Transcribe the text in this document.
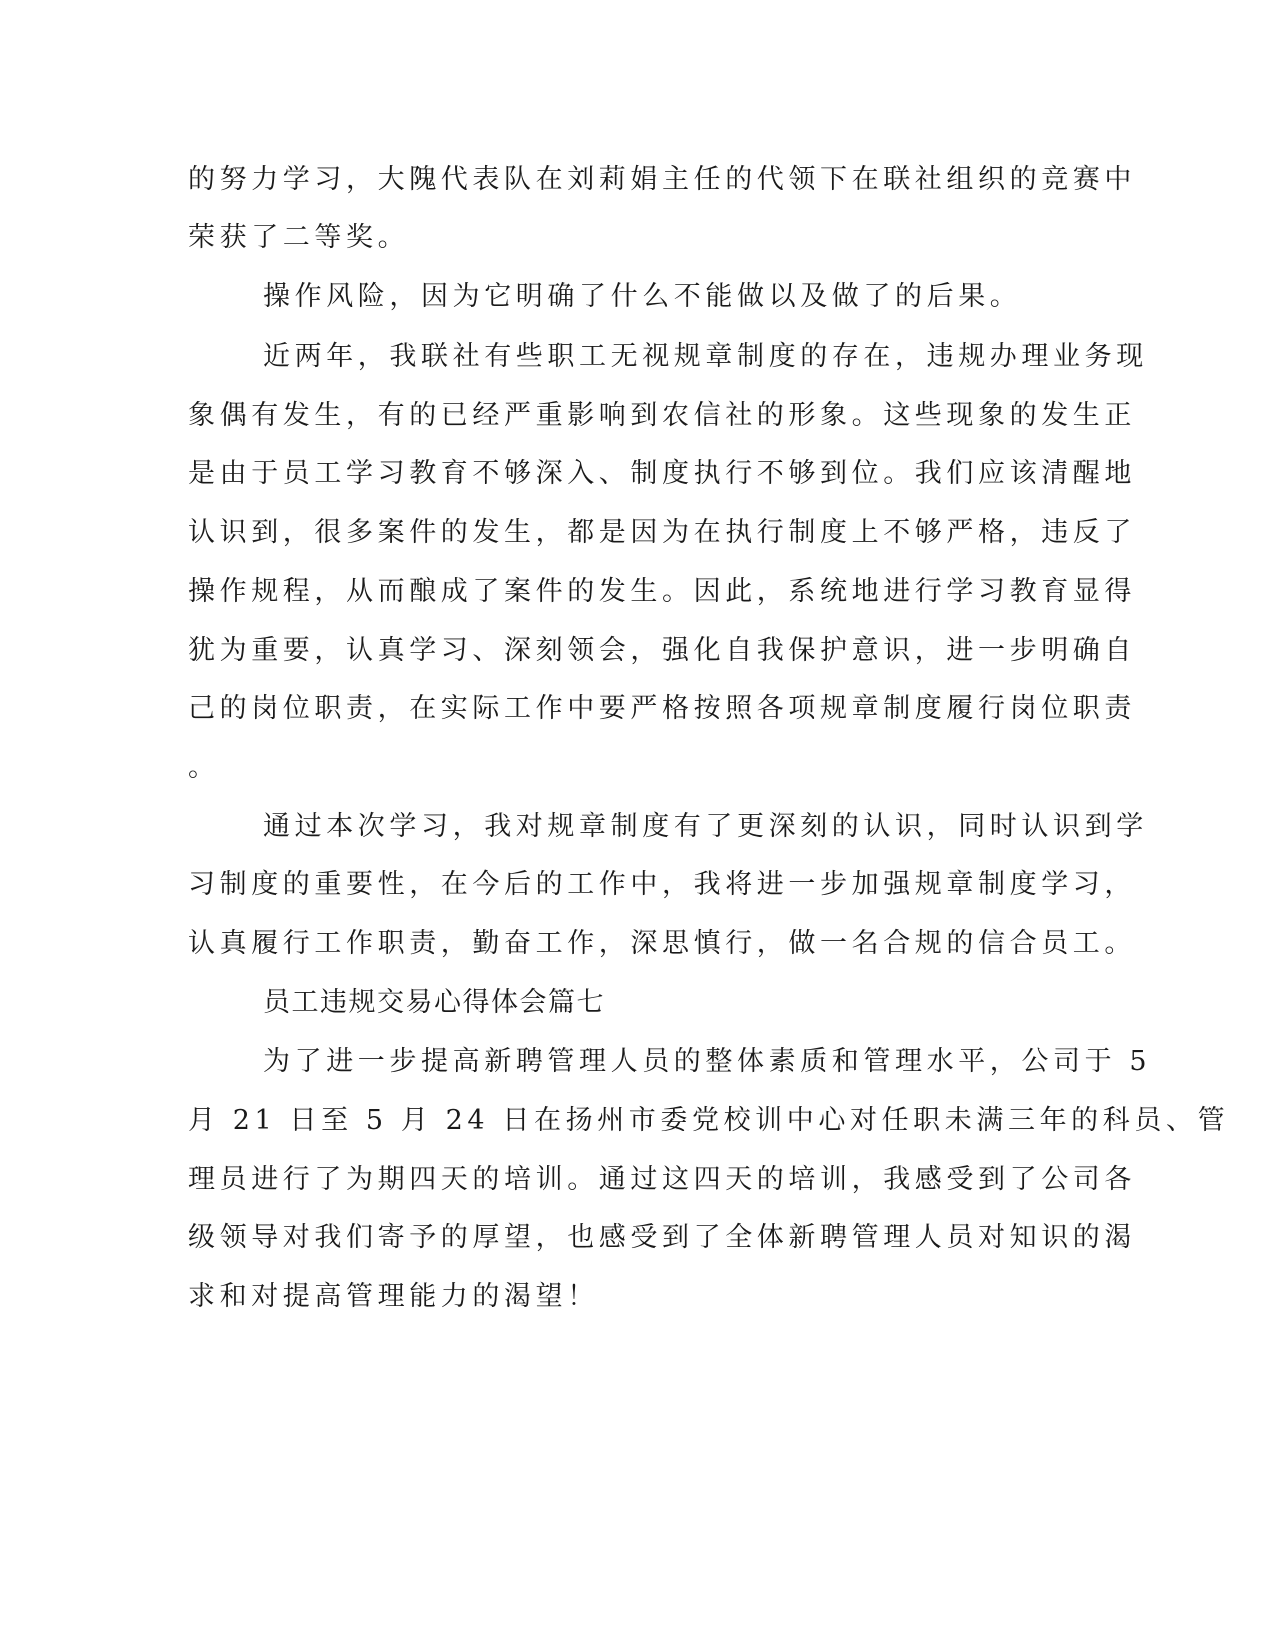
的努力学习，大隗代表队在刘莉娟主任的代领下在联社组织的竞赛中
荣获了二等奖。
操作风险，因为它明确了什么不能做以及做了的后果。
近两年，我联社有些职工无视规章制度的存在，违规办理业务现
象偶有发生，有的已经严重影响到农信社的形象。这些现象的发生正
是由于员工学习教育不够深入、制度执行不够到位。我们应该清醒地
认识到，很多案件的发生，都是因为在执行制度上不够严格，违反了
操作规程，从而酿成了案件的发生。因此，系统地进行学习教育显得
犹为重要，认真学习、深刻领会，强化自我保护意识，进一步明确自
己的岗位职责，在实际工作中要严格按照各项规章制度履行岗位职责
。
通过本次学习，我对规章制度有了更深刻的认识，同时认识到学
习制度的重要性，在今后的工作中，我将进一步加强规章制度学习，
认真履行工作职责，勤奋工作，深思慎行，做一名合规的信合员工。
员工违规交易心得体会篇七
为了进一步提高新聘管理人员的整体素质和管理水平，公司于 5
月 21 日至 5 月 24 日在扬州市委党校训中心对任职未满三年的科员、管
理员进行了为期四天的培训。通过这四天的培训，我感受到了公司各
级领导对我们寄予的厚望，也感受到了全体新聘管理人员对知识的渴
求和对提高管理能力的渴望！
